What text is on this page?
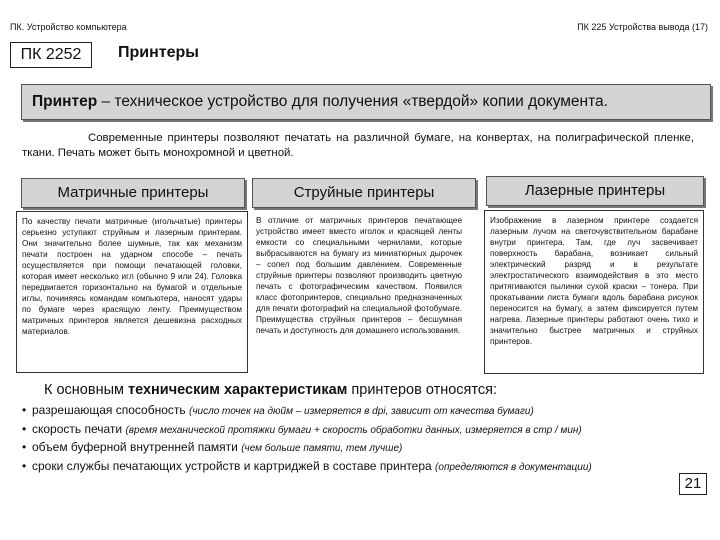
ПК. Устройство компьютера	ПК 225 Устройства вывода (17)
ПК 2252	Принтеры
Принтер – техническое устройство для получения «твердой» копии документа.
Современные принтеры позволяют печатать на различной бумаге, на конвертах, на полиграфической пленке, ткани. Печать может быть монохромной и цветной.
Матричные принтеры
По качеству печати матричные (игольчатые) принтеры серьезно уступают струйным и лазерным принтерам. Они значительно более шумные, так как механизм печати построен на ударном способе – печать осуществляется при помощи печатающей головки, которая имеет несколько игл (обычно 9 или 24). Головка передвигается горизонтально на бумагой и отдельные иглы, починяясь командам компьютера, наносят удары по бумаге через красящую ленту. Преимуществом матричных принтеров является дешевизна расходных материалов.
Струйные принтеры
В отличие от матричных принтеров печатающее устройство имеет вместо иголок и красящей ленты емкости со специальными чернилами, которые выбрасываются на бумагу из миниатюрных дырочек – сопел под большим давлением. Современные струйные принтеры позволяют производить цветную печать с фотографическим качеством. Появился класс фотопринтеров, специально предназначенных для печати фотографий на специальной фотобумаге. Преимущества струйных принтеров – бесшумная печать и доступность для домашнего использования.
Лазерные принтеры
Изображение в лазерном принтере создается лазерным лучом на светочувствительном барабане внутри принтера. Там, где луч засвечивает поверхность барабана, возникает сильный электрический разряд и в результате электростатического взаимодействия в это место притягиваются пылинки сухой краски – тонера. При прокатывании листа бумаги вдоль барабана рисунок переносится на бумагу, а затем фиксируется путем нагрева. Лазерные принтеры работают очень тихо и значительно быстрее матричных и струйных принтеров.
К основным техническим характеристикам принтеров относятся:
• разрешающая способность (число точек на дюйм – измеряется в dpi, зависит от качества бумаги)
• скорость печати (время механической протяжки бумаги + скорость обработки данных, измеряется в стр / мин)
• объем буферной внутренней памяти (чем больше памяти, тем лучше)
• сроки службы печатающих устройств и картриджей в составе принтера (определяются в документации)
21
